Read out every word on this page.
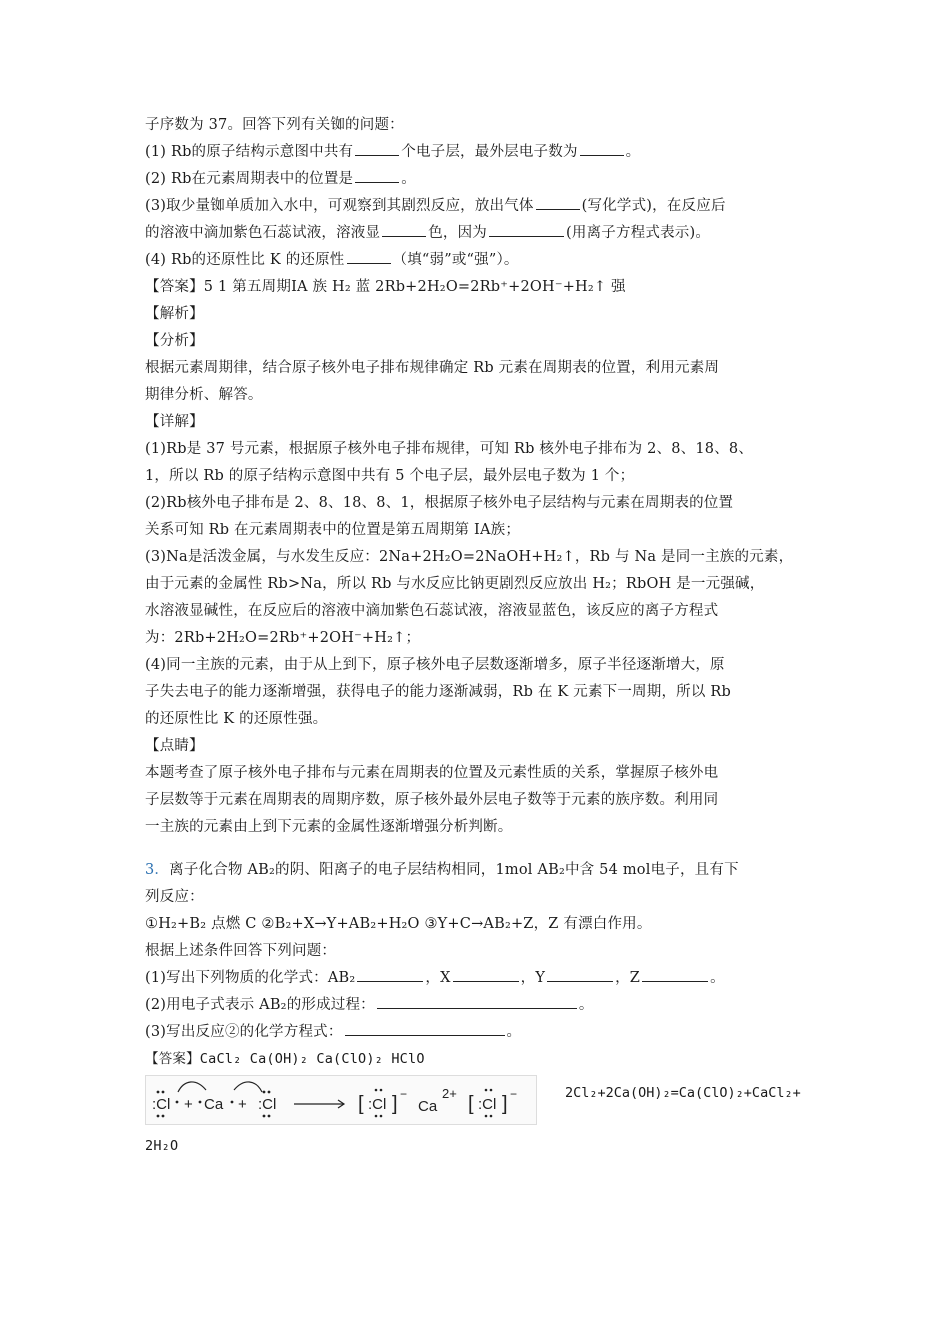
子序数为 37。回答下列有关铷的问题：
(1) Rb的原子结构示意图中共有	个电子层，最外层电子数为	。
(2) Rb在元素周期表中的位置是	。
(3)取少量铷单质加入水中，可观察到其剧烈反应，放出气体	(写化学式)，在反应后
的溶液中滴加紫色石蕊试液，溶液显	色，因为	(用离子方程式表示)。
(4) Rb的还原性比 K 的还原性	（填“弱”或“强”）。
【答案】5 1 第五周期ⅠA 族 H₂ 蓝 2Rb+2H₂O=2Rb⁺+2OH⁻+H₂↑ 强
【解析】
【分析】
根据元素周期律，结合原子核外电子排布规律确定 Rb 元素在周期表的位置，利用元素周
期律分析、解答。
【详解】
(1)Rb是 37 号元素，根据原子核外电子排布规律，可知 Rb 核外电子排布为 2、8、18、8、
1，所以 Rb 的原子结构示意图中共有 5 个电子层，最外层电子数为 1 个；
(2)Rb核外电子排布是 2、8、18、8、1，根据原子核外电子层结构与元素在周期表的位置
关系可知 Rb 在元素周期表中的位置是第五周期第 IA族；
(3)Na是活泼金属，与水发生反应：2Na+2H₂O=2NaOH+H₂↑，Rb 与 Na 是同一主族的元素，
由于元素的金属性 Rb>Na，所以 Rb 与水反应比钠更剧烈反应放出 H₂；RbOH 是一元强碱，
水溶液显碱性，在反应后的溶液中滴加紫色石蕊试液，溶液显蓝色，该反应的离子方程式
为：2Rb+2H₂O=2Rb⁺+2OH⁻+H₂↑；
(4)同一主族的元素，由于从上到下，原子核外电子层数逐渐增多，原子半径逐渐增大，原
子失去电子的能力逐渐增强，获得电子的能力逐渐减弱，Rb 在 K 元素下一周期，所以 Rb
的还原性比 K 的还原性强。
【点睛】
本题考查了原子核外电子排布与元素在周期表的位置及元素性质的关系，掌握原子核外电
子层数等于元素在周期表的周期序数，原子核外最外层电子数等于元素的族序数。利用同
一主族的元素由上到下元素的金属性逐渐增强分析判断。
3．离子化合物 AB₂的阴、阳离子的电子层结构相同，1mol AB₂中含 54 mol电子，且有下
列反应：
①H₂+B₂ 点燃 C ②B₂+X→Y+AB₂+H₂O ③Y+C→AB₂+Z，Z 有漂白作用。
根据上述条件回答下列问题：
(1)写出下列物质的化学式：AB₂	，X	，Y	，Z	。
(2)用电子式表示 AB₂的形成过程：	。
(3)写出反应②的化学方程式：	。
【答案】CaCl₂ Ca(OH)₂ Ca(ClO)₂ HClO
:Cl + Ca + :Cl	[ :Cl ] −
Ca
2+ [ :Cl ] −	2Cl₂+2Ca(OH)₂=Ca(ClO)₂+CaCl₂+
2H₂O
